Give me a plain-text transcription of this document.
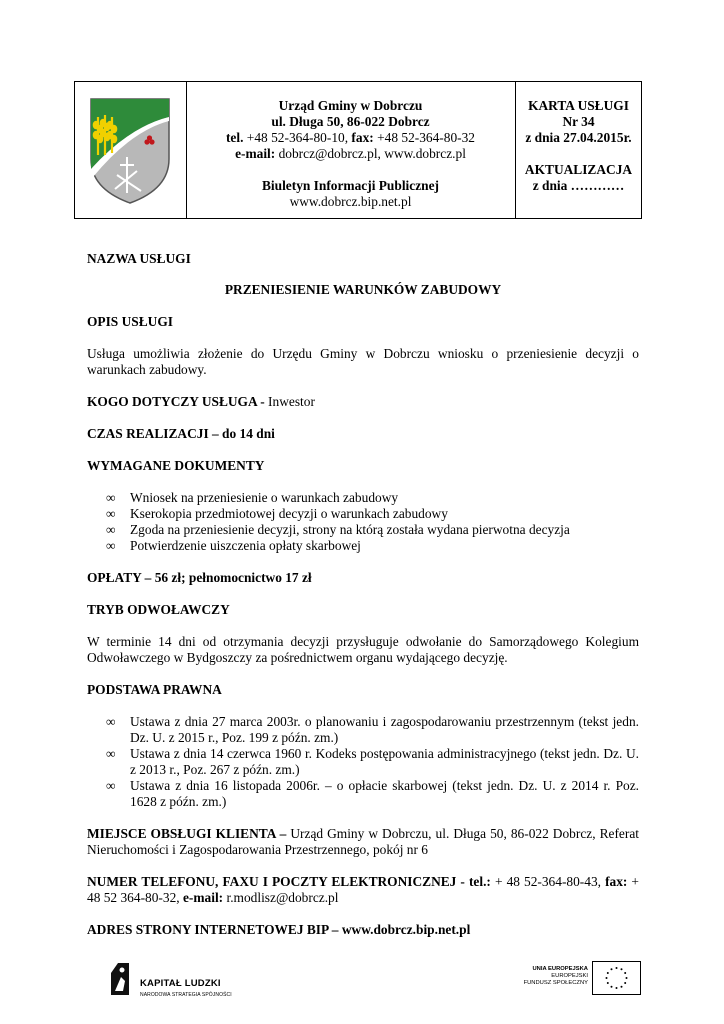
Urząd Gminy w Dobrczu
ul. Długa 50, 86-022 Dobrcz
tel. +48 52-364-80-10, fax: +48 52-364-80-32
e-mail: dobrcz@dobrcz.pl, www.dobrcz.pl
Biuletyn Informacji Publicznej
www.dobrcz.bip.net.pl
KARTA USŁUGI
Nr 34
z dnia 27.04.2015r.
AKTUALIZACJA
z dnia …………
NAZWA USŁUGI
PRZENIESIENIE WARUNKÓW ZABUDOWY
OPIS USŁUGI
Usługa umożliwia złożenie do Urzędu Gminy w Dobrczu wniosku o przeniesienie decyzji o warunkach zabudowy.
KOGO DOTYCZY USŁUGA - Inwestor
CZAS REALIZACJI – do 14 dni
WYMAGANE DOKUMENTY
∞ Wniosek na przeniesienie o warunkach zabudowy
∞ Kserokopia przedmiotowej decyzji o warunkach zabudowy
∞ Zgoda na przeniesienie decyzji, strony na którą została wydana pierwotna decyzja
∞ Potwierdzenie uiszczenia opłaty skarbowej
OPŁATY – 56 zł; pełnomocnictwo 17 zł
TRYB ODWOŁAWCZY
W terminie 14 dni od otrzymania decyzji przysługuje odwołanie do Samorządowego Kolegium Odwoławczego w Bydgoszczy za pośrednictwem organu wydającego decyzję.
PODSTAWA PRAWNA
∞ Ustawa z dnia 27 marca 2003r. o planowaniu i zagospodarowaniu przestrzennym (tekst jedn. Dz. U. z 2015 r., Poz. 199 z późn. zm.)
∞ Ustawa z dnia 14 czerwca 1960 r. Kodeks postępowania administracyjnego (tekst jedn. Dz. U. z 2013 r., Poz. 267 z późn. zm.)
∞ Ustawa z dnia 16 listopada 2006r. – o opłacie skarbowej (tekst jedn. Dz. U. z 2014 r. Poz. 1628 z późn. zm.)
MIEJSCE OBSŁUGI KLIENTA – Urząd Gminy w Dobrczu, ul. Długa 50, 86-022 Dobrcz, Referat Nieruchomości i Zagospodarowania Przestrzennego, pokój nr 6
NUMER TELEFONU, FAXU I POCZTY ELEKTRONICZNEJ - tel.: + 48 52-364-80-43, fax: + 48 52 364-80-32, e-mail: r.modlisz@dobrcz.pl
ADRES STRONY INTERNETOWEJ BIP – www.dobrcz.bip.net.pl
KAPITAŁ LUDZKI
NARODOWA STRATEGIA SPÓJNOŚCI
UNIA EUROPEJSKA
EUROPEJSKI
FUNDUSZ SPOŁECZNY
